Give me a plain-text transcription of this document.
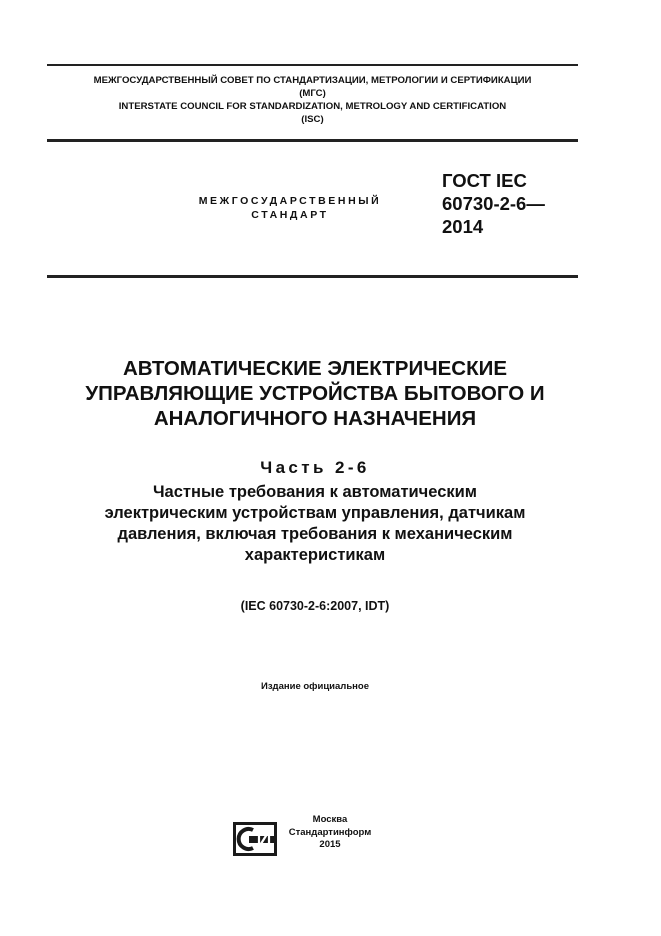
МЕЖГОСУДАРСТВЕННЫЙ СОВЕТ ПО СТАНДАРТИЗАЦИИ, МЕТРОЛОГИИ И СЕРТИФИКАЦИИ
(МГС)
INTERSTATE COUNCIL FOR STANDARDIZATION, METROLOGY AND CERTIFICATION
(ISC)
МЕЖГОСУДАРСТВЕННЫЙ
СТАНДАРТ
ГОСТ IEC
60730-2-6—
2014
АВТОМАТИЧЕСКИЕ ЭЛЕКТРИЧЕСКИЕ
УПРАВЛЯЮЩИЕ УСТРОЙСТВА БЫТОВОГО И
АНАЛОГИЧНОГО НАЗНАЧЕНИЯ
Часть 2-6
Частные требования к автоматическим
электрическим устройствам управления, датчикам
давления, включая требования к механическим
характеристикам
(IEC 60730-2-6:2007, IDT)
Издание официальное
Москва
Стандартинформ
2015
